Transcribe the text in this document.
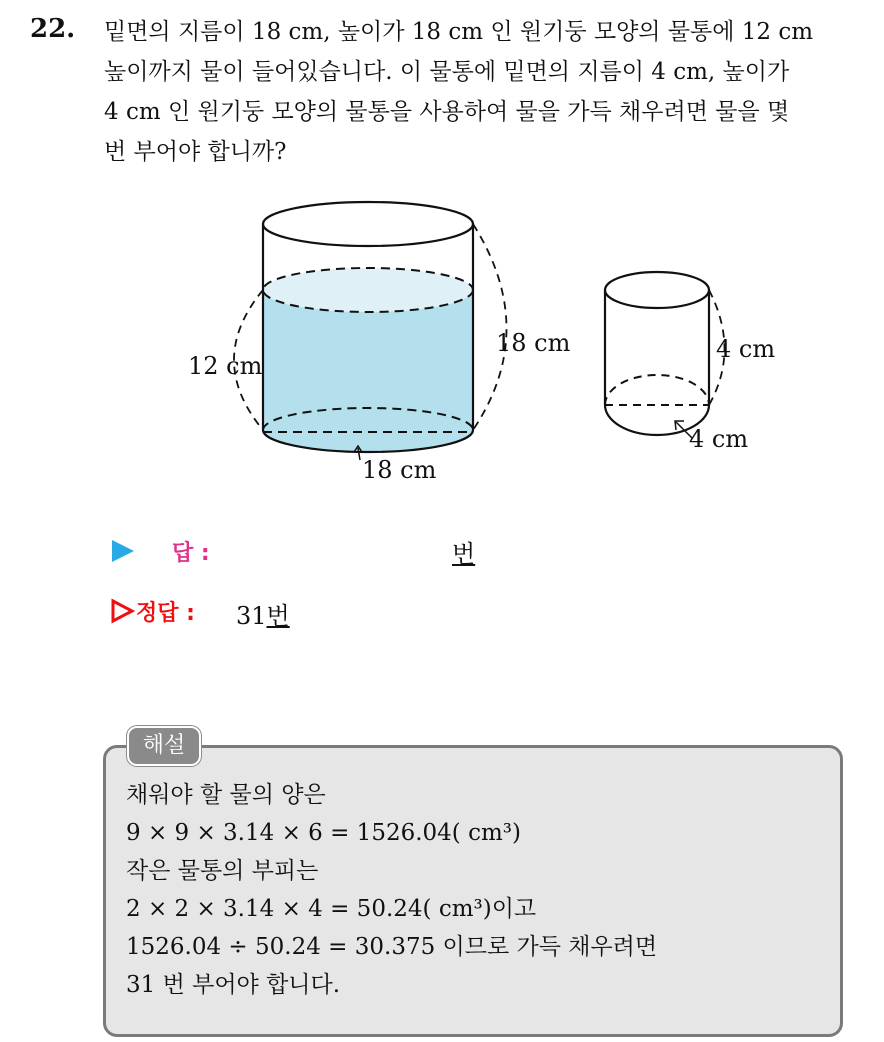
22. 밑면의 지름이 18 cm, 높이가 18 cm 인 원기둥 모양의 물통에 12 cm
높이까지 물이 들어있습니다. 이 물통에 밑면의 지름이 4 cm, 높이가
4 cm 인 원기둥 모양의 물통을 사용하여 물을 가득 채우려면 물을 몇
번 부어야 합니까?
12 cm
18 cm
18 cm
4 cm
4 cm
답 :	번
정답 : 31번
해설
채워야 할 물의 양은
9 × 9 × 3.14 × 6 = 1526.04( cm³)
작은 물통의 부피는
2 × 2 × 3.14 × 4 = 50.24( cm³)이고
1526.04 ÷ 50.24 = 30.375 이므로 가득 채우려면
31 번 부어야 합니다.
